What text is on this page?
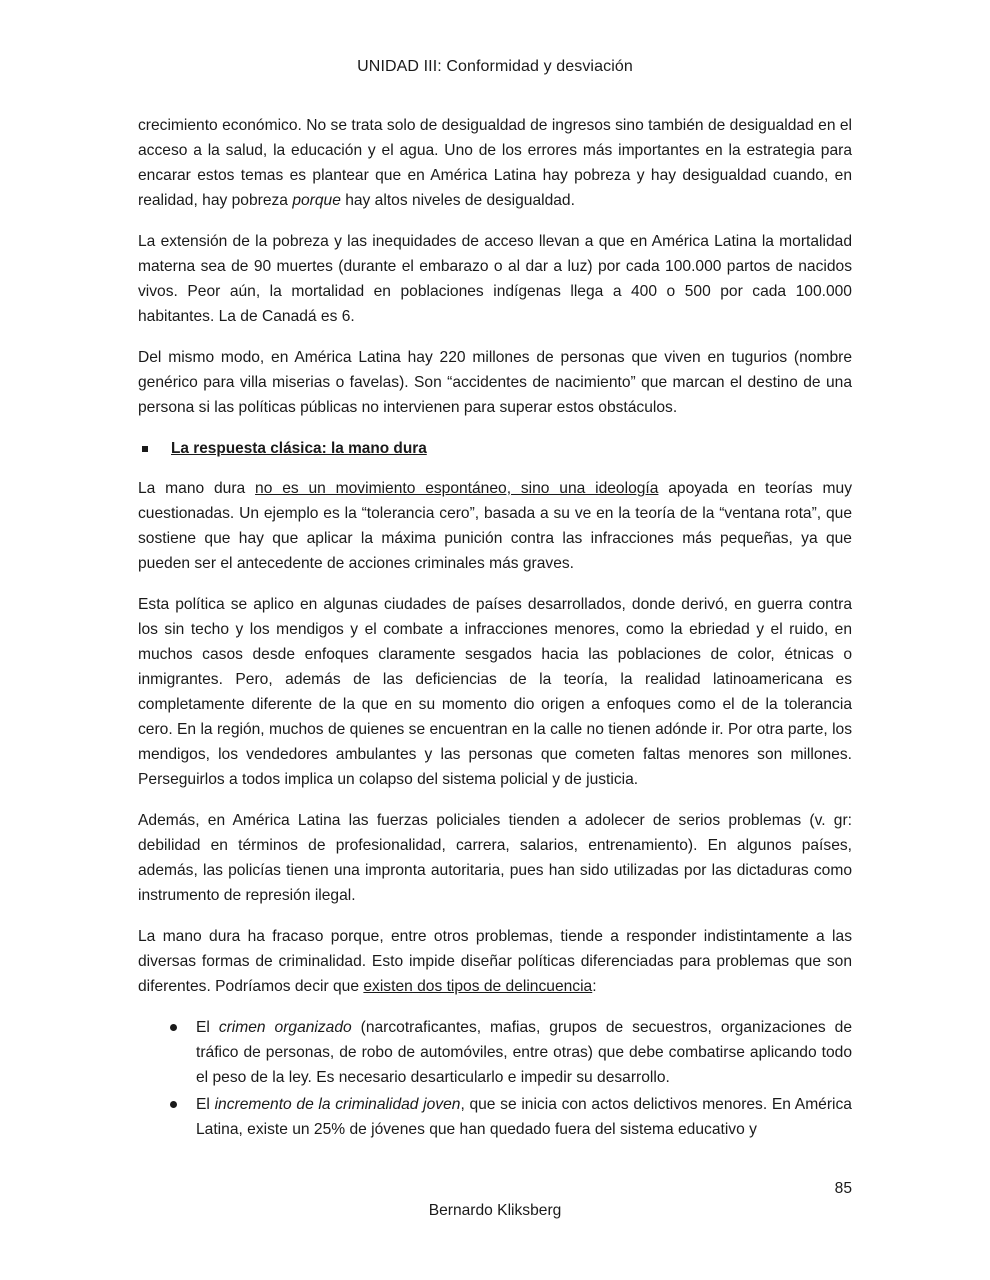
UNIDAD III: Conformidad y desviación

crecimiento económico. No se trata solo de desigualdad de ingresos sino también de desigualdad en el acceso a la salud, la educación y el agua. Uno de los errores más importantes en la estrategia para encarar estos temas es plantear que en América Latina hay pobreza y hay desigualdad cuando, en realidad, hay pobreza porque hay altos niveles de desigualdad.

La extensión de la pobreza y las inequidades de acceso llevan a que en América Latina la mortalidad materna sea de 90 muertes (durante el embarazo o al dar a luz) por cada 100.000 partos de nacidos vivos. Peor aún, la mortalidad en poblaciones indígenas llega a 400 o 500 por cada 100.000 habitantes. La de Canadá es 6.

Del mismo modo, en América Latina hay 220 millones de personas que viven en tugurios (nombre genérico para villa miserias o favelas). Son “accidentes de nacimiento” que marcan el destino de una persona si las políticas públicas no intervienen para superar estos obstáculos.

La respuesta clásica: la mano dura

La mano dura no es un movimiento espontáneo, sino una ideología apoyada en teorías muy cuestionadas. Un ejemplo es la “tolerancia cero”, basada a su ve en la teoría de la “ventana rota”, que sostiene que hay que aplicar la máxima punición contra las infracciones más pequeñas, ya que pueden ser el antecedente de acciones criminales más graves.

Esta política se aplico en algunas ciudades de países desarrollados, donde derivó, en guerra contra los sin techo y los mendigos y el combate a infracciones menores, como la ebriedad y el ruido, en muchos casos desde enfoques claramente sesgados hacia las poblaciones de color, étnicas o inmigrantes. Pero, además de las deficiencias de la teoría, la realidad latinoamericana es completamente diferente de la que en su momento dio origen a enfoques como el de la tolerancia cero. En la región, muchos de quienes se encuentran en la calle no tienen adónde ir. Por otra parte, los mendigos, los vendedores ambulantes y las personas que cometen faltas menores son millones. Perseguirlos a todos implica un colapso del sistema policial y de justicia.

Además, en América Latina las fuerzas policiales tienden a adolecer de serios problemas (v. gr: debilidad en términos de profesionalidad, carrera, salarios, entrenamiento). En algunos países, además, las policías tienen una impronta autoritaria, pues han sido utilizadas por las dictaduras como instrumento de represión ilegal.

La mano dura ha fracaso porque, entre otros problemas, tiende a responder indistintamente a las diversas formas de criminalidad. Esto impide diseñar políticas diferenciadas para problemas que son diferentes. Podríamos decir que existen dos tipos de delincuencia:

El crimen organizado (narcotraficantes, mafias, grupos de secuestros, organizaciones de tráfico de personas, de robo de automóviles, entre otras) que debe combatirse aplicando todo el peso de la ley. Es necesario desarticularlo e impedir su desarrollo.
El incremento de la criminalidad joven, que se inicia con actos delictivos menores. En América Latina, existe un 25% de jóvenes que han quedado fuera del sistema educativo y
85
Bernardo Kliksberg
